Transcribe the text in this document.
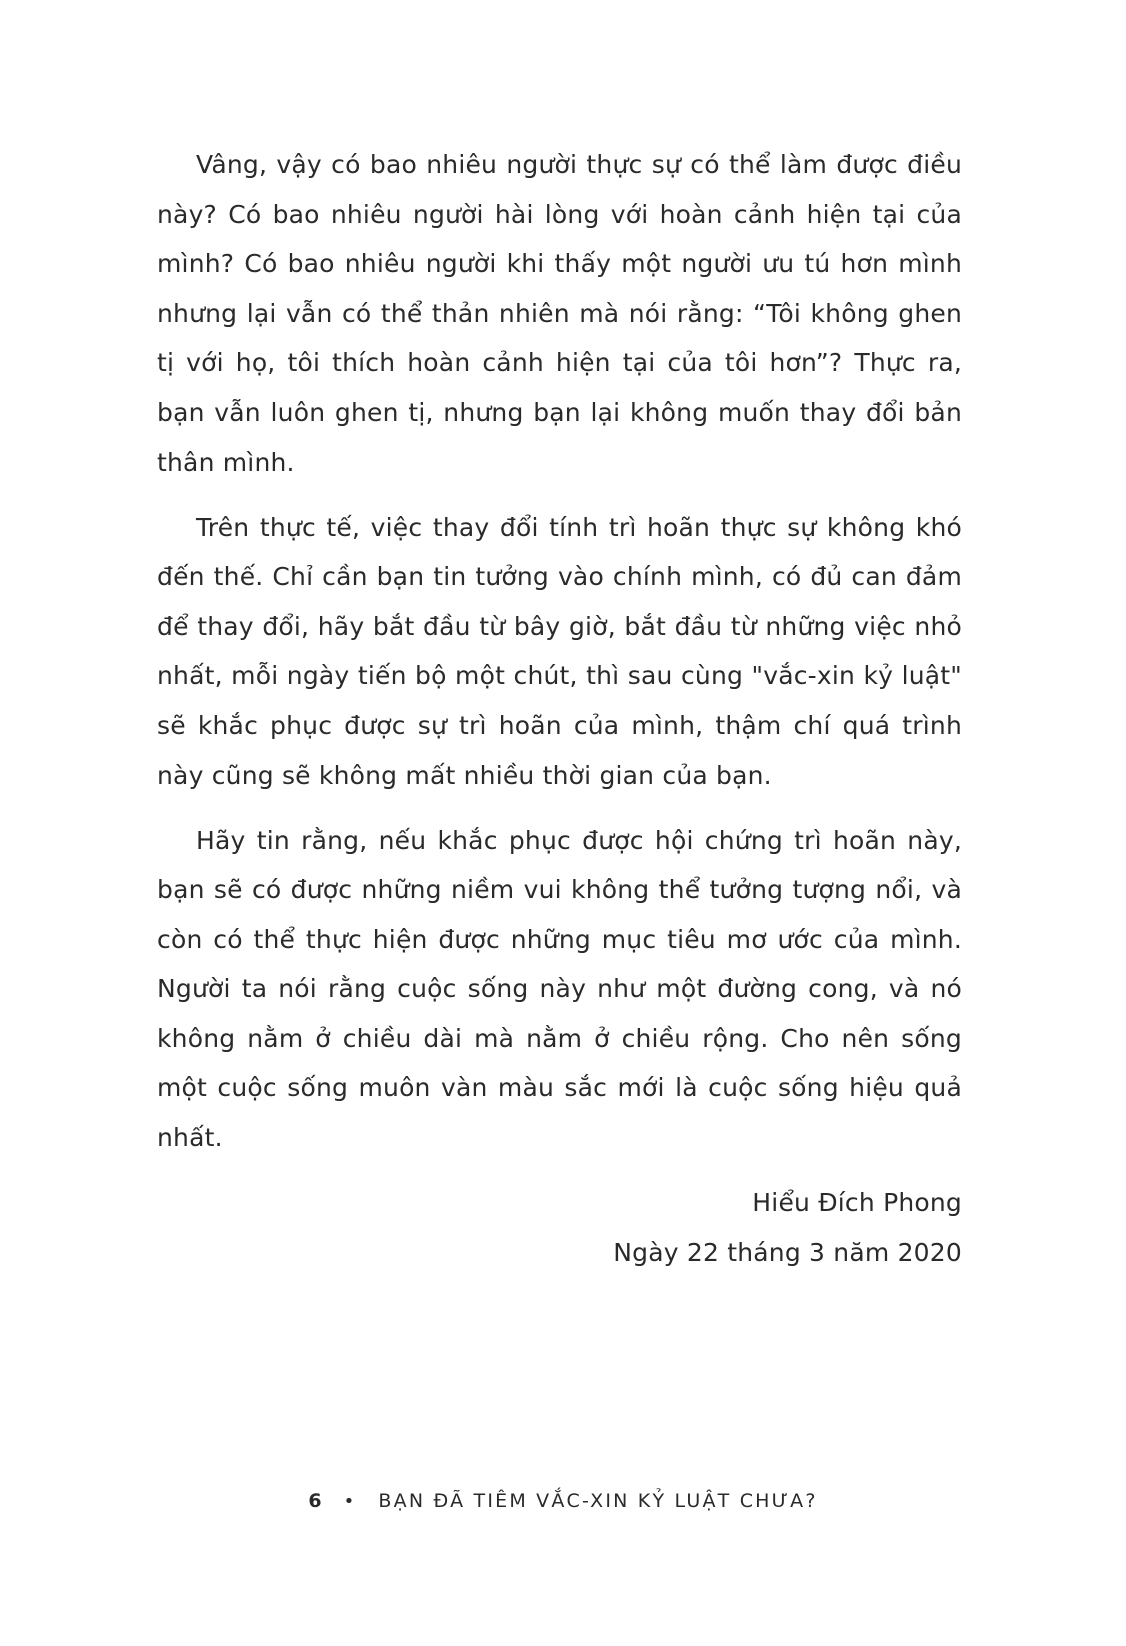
Vâng, vậy có bao nhiêu người thực sự có thể làm được điều này? Có bao nhiêu người hài lòng với hoàn cảnh hiện tại của mình? Có bao nhiêu người khi thấy một người ưu tú hơn mình nhưng lại vẫn có thể thản nhiên mà nói rằng: “Tôi không ghen tị với họ, tôi thích hoàn cảnh hiện tại của tôi hơn”? Thực ra, bạn vẫn luôn ghen tị, nhưng bạn lại không muốn thay đổi bản thân mình.

Trên thực tế, việc thay đổi tính trì hoãn thực sự không khó đến thế. Chỉ cần bạn tin tưởng vào chính mình, có đủ can đảm để thay đổi, hãy bắt đầu từ bây giờ, bắt đầu từ những việc nhỏ nhất, mỗi ngày tiến bộ một chút, thì sau cùng "vắc-xin kỷ luật" sẽ khắc phục được sự trì hoãn của mình, thậm chí quá trình này cũng sẽ không mất nhiều thời gian của bạn.

Hãy tin rằng, nếu khắc phục được hội chứng trì hoãn này, bạn sẽ có được những niềm vui không thể tưởng tượng nổi, và còn có thể thực hiện được những mục tiêu mơ ước của mình. Người ta nói rằng cuộc sống này như một đường cong, và nó không nằm ở chiều dài mà nằm ở chiều rộng. Cho nên sống một cuộc sống muôn vàn màu sắc mới là cuộc sống hiệu quả nhất.

Hiểu Đích Phong
Ngày 22 tháng 3 năm 2020
6 • BẠN ĐÃ TIÊM VẮC-XIN KỶ LUẬT CHƯA?
